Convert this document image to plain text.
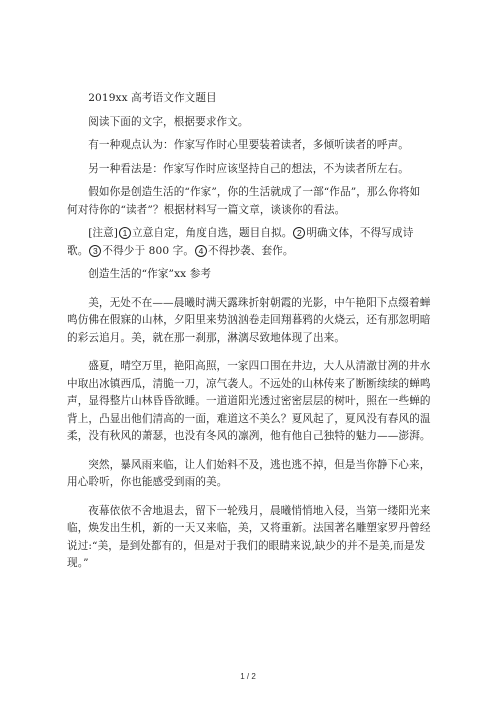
2019xx 高考语文作文题目

阅读下面的文字，根据要求作文。

有一种观点认为：作家写作时心里要装着读者，多倾听读者的呼声。

另一种看法是：作家写作时应该坚持自己的想法，不为读者所左右。

假如你是创造生活的“作家”，你的生活就成了一部“作品”，那么你将如何对待你的“读者”？根据材料写一篇文章，谈谈你的看法。

[注意] 1 立意自定，角度自选，题目自拟。 2 明确文体，不得写成诗歌。 3 不得少于 800 字。 4 不得抄袭、套作。

创造生活的“作家”xx 参考

美，无处不在——晨曦时满天露珠折射朝霞的光影，中午艳阳下点缀着蝉鸣仿佛在假寐的山林，夕阳里来势汹汹卷走回翔暮鸦的火烧云，还有那忽明暗的彩云追月。美，就在那一刹那，淋漓尽致地体现了出来。

盛夏，晴空万里，艳阳高照，一家四口围在井边，大人从清澈甘冽的井水中取出冰镇西瓜，清脆一刀，凉气袭人。不远处的山林传来了断断续续的蝉鸣声，显得整片山林昏昏欲睡。一道道阳光透过密密层层的树叶，照在一些蝉的背上，凸显出他们清高的一面，难道这不美么？夏风起了，夏风没有春风的温柔，没有秋风的萧瑟，也没有冬风的凛冽，他有他自己独特的魅力——澎湃。

突然，暴风雨来临，让人们始料不及，逃也逃不掉，但是当你静下心来，用心聆听，你也能感受到雨的美。

夜幕依依不舍地退去，留下一轮残月，晨曦悄悄地入侵，当第一缕阳光来临，焕发出生机，新的一天又来临，美，又将重新。法国著名雕塑家罗丹曾经说过:“美，是到处都有的，但是对于我们的眼睛来说,缺少的并不是美,而是发现。”

1 / 2
